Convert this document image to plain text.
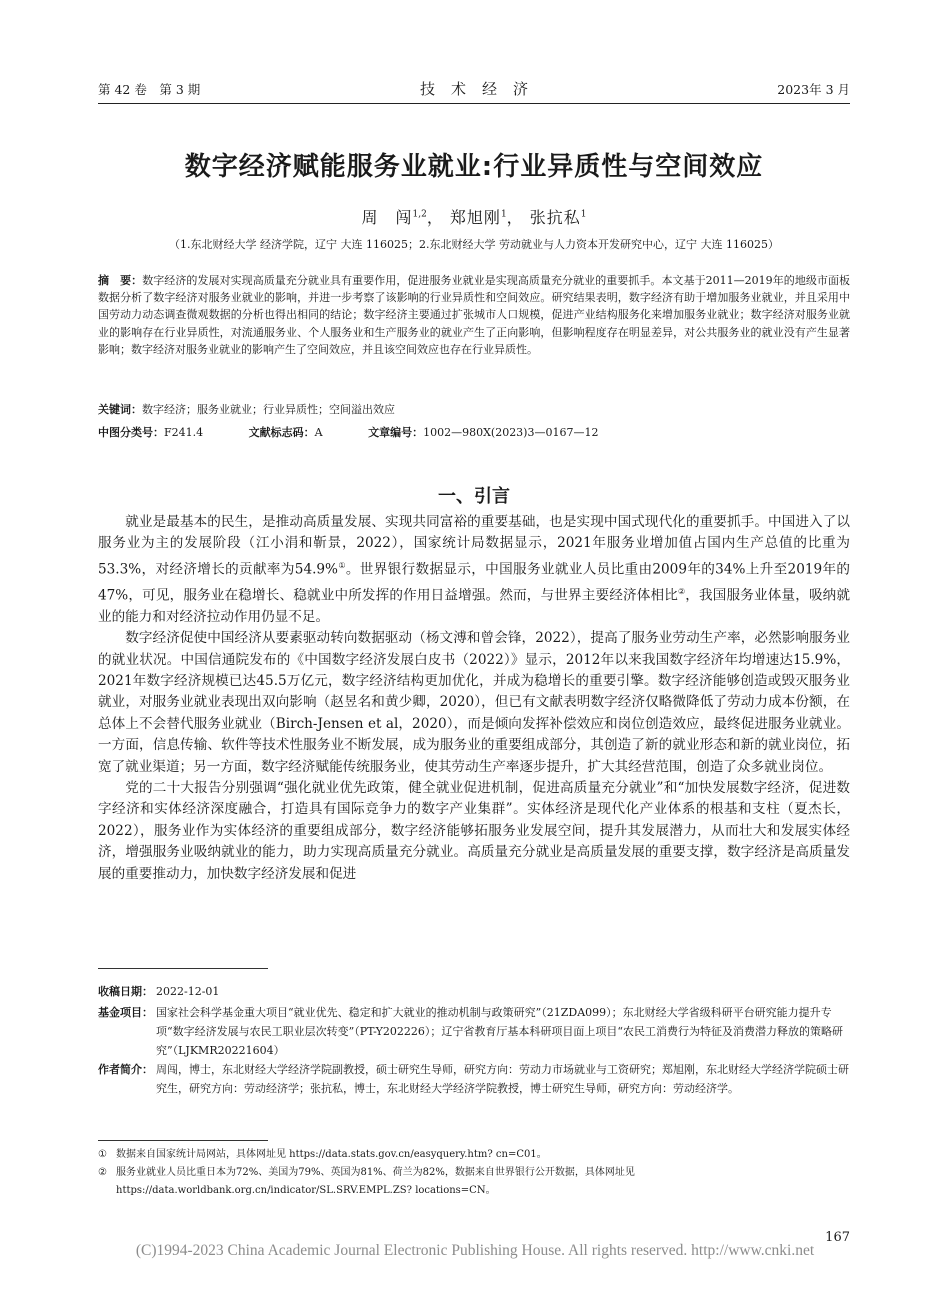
第 42 卷　第 3 期	技术经济	2023年 3 月
数字经济赋能服务业就业:行业异质性与空间效应
周　闯$^{1,2}$， 郑旭刚$^1$， 张抗私$^1$
（1.东北财经大学 经济学院，辽宁 大连 116025；2.东北财经大学 劳动就业与人力资本开发研究中心，辽宁 大连 116025）
摘　要：数字经济的发展对实现高质量充分就业具有重要作用，促进服务业就业是实现高质量充分就业的重要抓手。本文基于2011—2019年的地级市面板数据分析了数字经济对服务业就业的影响，并进一步考察了该影响的行业异质性和空间效应。研究结果表明，数字经济有助于增加服务业就业，并且采用中国劳动力动态调查微观数据的分析也得出相同的结论；数字经济主要通过扩张城市人口规模，促进产业结构服务化来增加服务业就业；数字经济对服务业就业的影响存在行业异质性，对流通服务业、个人服务业和生产服务业的就业产生了正向影响，但影响程度存在明显差异，对公共服务业的就业没有产生显著影响；数字经济对服务业就业的影响产生了空间效应，并且该空间效应也存在行业异质性。
关键词：数字经济；服务业就业；行业异质性；空间溢出效应
中图分类号：F241.4	文献标志码：A	文章编号：1002—980X(2023)3—0167—12
一、引言

就业是最基本的民生，是推动高质量发展、实现共同富裕的重要基础，也是实现中国式现代化的重要抓手。中国进入了以服务业为主的发展阶段（江小涓和靳景，2022），国家统计局数据显示，2021年服务业增加值占国内生产总值的比重为53.3%，对经济增长的贡献率为54.9%①。世界银行数据显示，中国服务业就业人员比重由2009年的34%上升至2019年的47%，可见，服务业在稳增长、稳就业中所发挥的作用日益增强。然而，与世界主要经济体相比②，我国服务业体量，吸纳就业的能力和对经济拉动作用仍显不足。

数字经济促使中国经济从要素驱动转向数据驱动（杨文溥和曾会锋，2022），提高了服务业劳动生产率，必然影响服务业的就业状况。中国信通院发布的《中国数字经济发展白皮书（2022）》显示，2012年以来我国数字经济年均增速达15.9%，2021年数字经济规模已达45.5万亿元，数字经济结构更加优化，并成为稳增长的重要引擎。数字经济能够创造或毁灭服务业就业，对服务业就业表现出双向影响（赵昱名和黄少卿，2020），但已有文献表明数字经济仅略微降低了劳动力成本份额，在总体上不会替代服务业就业（Birch-Jensen et al，2020），而是倾向发挥补偿效应和岗位创造效应，最终促进服务业就业。一方面，信息传输、软件等技术性服务业不断发展，成为服务业的重要组成部分，其创造了新的就业形态和新的就业岗位，拓宽了就业渠道；另一方面，数字经济赋能传统服务业，使其劳动生产率逐步提升，扩大其经营范围，创造了众多就业岗位。

党的二十大报告分别强调“强化就业优先政策，健全就业促进机制，促进高质量充分就业”和“加快发展数字经济，促进数字经济和实体经济深度融合，打造具有国际竞争力的数字产业集群”。实体经济是现代化产业体系的根基和支柱（夏杰长，2022），服务业作为实体经济的重要组成部分，数字经济能够拓服务业发展空间，提升其发展潜力，从而壮大和发展实体经济，增强服务业吸纳就业的能力，助力实现高质量充分就业。高质量充分就业是高质量发展的重要支撑，数字经济是高质量发展的重要推动力，加快数字经济发展和促进

收稿日期： 2022-12-01
基金项目： 国家社会科学基金重大项目“就业优先、稳定和扩大就业的推动机制与政策研究”（21ZDA099）；东北财经大学省级科研平台研究能力提升专项“数字经济发展与农民工职业层次转变”（PT-Y202226）；辽宁省教育厅基本科研项目面上项目“农民工消费行为特征及消费潜力释放的策略研究”（LJKMR20221604）
作者简介： 周闯，博士，东北财经大学经济学院副教授，硕士研究生导师，研究方向：劳动力市场就业与工资研究；郑旭刚，东北财经大学经济学院硕士研究生，研究方向：劳动经济学；张抗私，博士，东北财经大学经济学院教授，博士研究生导师，研究方向：劳动经济学。
① 数据来自国家统计局网站，具体网址见 https://data.stats.gov.cn/easyquery.htm? cn=C01。
② 服务业就业人员比重日本为72%、美国为79%、英国为81%、荷兰为82%，数据来自世界银行公开数据，具体网址见 https://data.worldbank.org.cn/indicator/SL.SRV.EMPL.ZS? locations=CN。
167
(C)1994-2023 China Academic Journal Electronic Publishing House. All rights reserved. http://www.cnki.net
